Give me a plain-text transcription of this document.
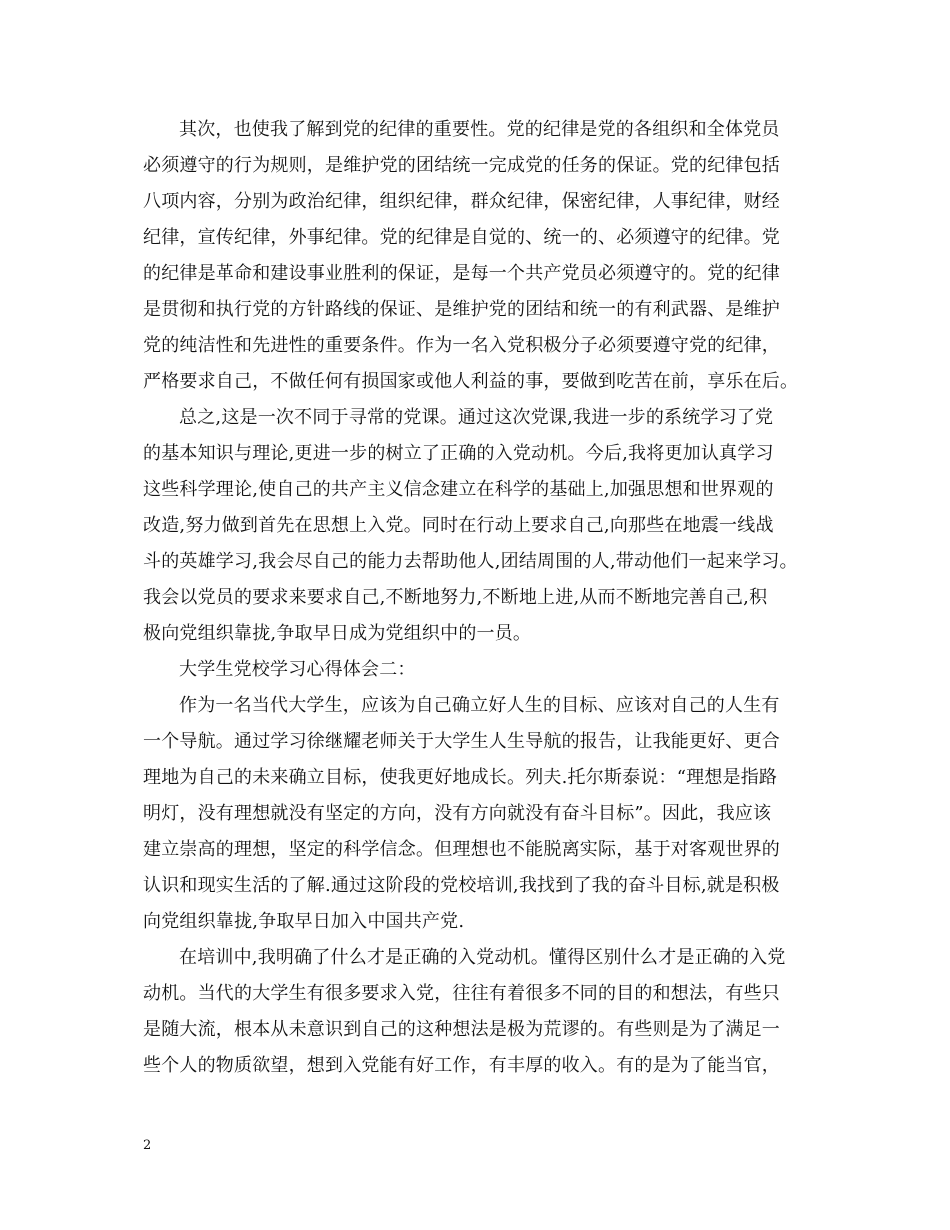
其次，也使我了解到党的纪律的重要性。党的纪律是党的各组织和全体党员
必须遵守的行为规则，是维护党的团结统一完成党的任务的保证。党的纪律包括
八项内容，分别为政治纪律，组织纪律，群众纪律，保密纪律，人事纪律，财经
纪律，宣传纪律，外事纪律。党的纪律是自觉的、统一的、必须遵守的纪律。党
的纪律是革命和建设事业胜利的保证，是每一个共产党员必须遵守的。党的纪律
是贯彻和执行党的方针路线的保证、是维护党的团结和统一的有利武器、是维护
党的纯洁性和先进性的重要条件。作为一名入党积极分子必须要遵守党的纪律，
严格要求自己，不做任何有损国家或他人利益的事，要做到吃苦在前，享乐在后。
总之,这是一次不同于寻常的党课。通过这次党课,我进一步的系统学习了党
的基本知识与理论,更进一步的树立了正确的入党动机。今后,我将更加认真学习
这些科学理论,使自己的共产主义信念建立在科学的基础上,加强思想和世界观的
改造,努力做到首先在思想上入党。同时在行动上要求自己,向那些在地震一线战
斗的英雄学习,我会尽自己的能力去帮助他人,团结周围的人,带动他们一起来学习。
我会以党员的要求来要求自己,不断地努力,不断地上进,从而不断地完善自己,积
极向党组织靠拢,争取早日成为党组织中的一员。
大学生党校学习心得体会二：
作为一名当代大学生，应该为自己确立好人生的目标、应该对自己的人生有
一个导航。通过学习徐继耀老师关于大学生人生导航的报告，让我能更好、更合
理地为自己的未来确立目标，使我更好地成长。列夫.托尔斯泰说：“理想是指路
明灯，没有理想就没有坚定的方向，没有方向就没有奋斗目标”。因此，我应该
建立崇高的理想，坚定的科学信念。但理想也不能脱离实际，基于对客观世界的
认识和现实生活的了解.通过这阶段的党校培训,我找到了我的奋斗目标,就是积极
向党组织靠拢,争取早日加入中国共产党.
在培训中,我明确了什么才是正确的入党动机。懂得区别什么才是正确的入党
动机。当代的大学生有很多要求入党，往往有着很多不同的目的和想法，有些只
是随大流，根本从未意识到自己的这种想法是极为荒谬的。有些则是为了满足一
些个人的物质欲望，想到入党能有好工作，有丰厚的收入。有的是为了能当官，
2
